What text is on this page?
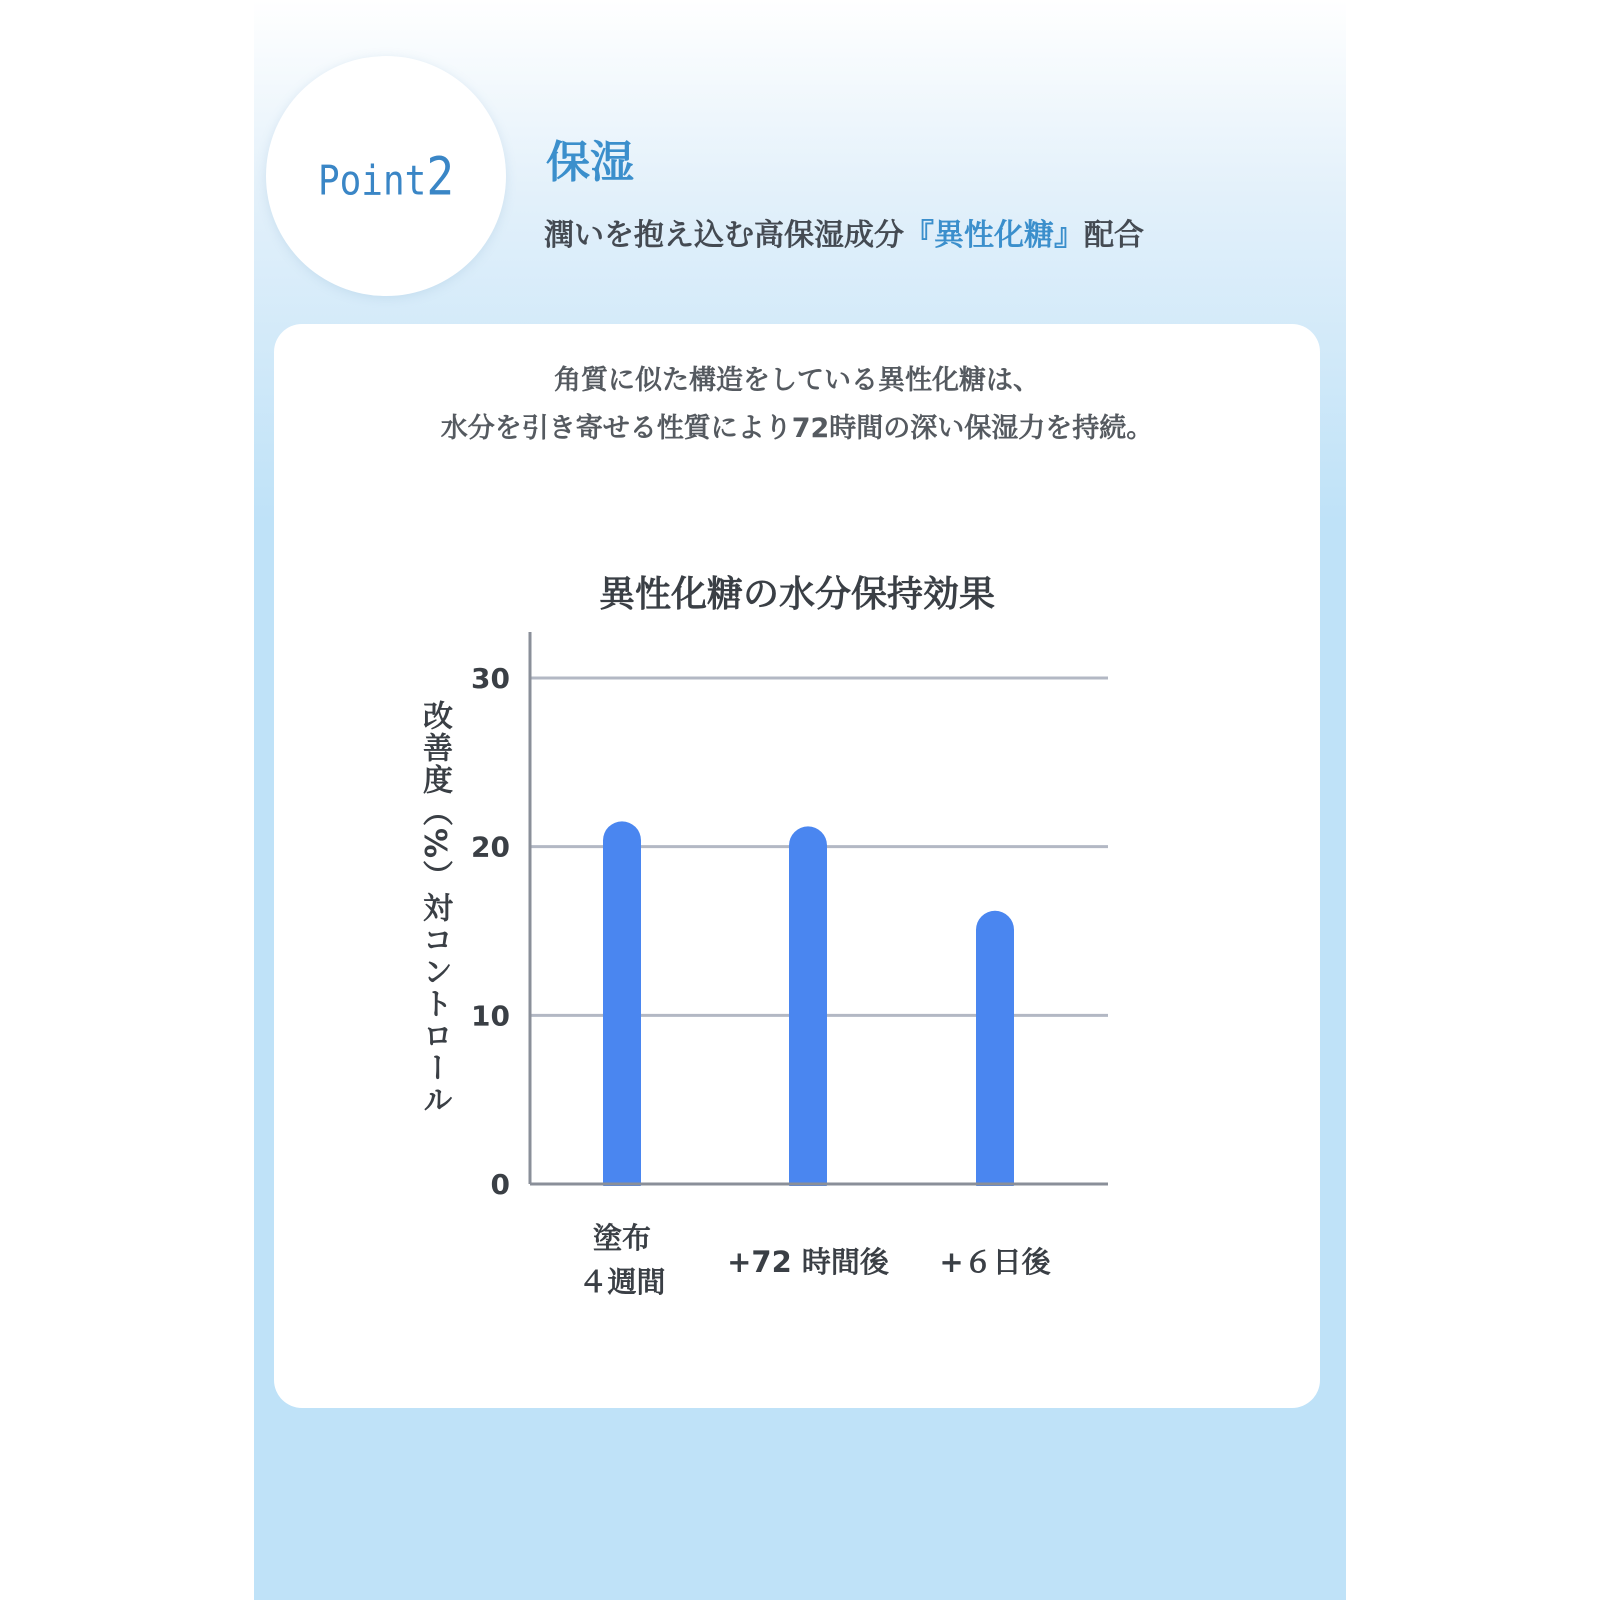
Point2 保湿
潤いを抱え込む高保湿成分『異性化糖』配合
角質に似た構造をしている異性化糖は、
水分を引き寄せる性質により72時間の深い保湿力を持続。
異性化糖の水分保持効果
改善度（%）対コントロール
0
10
20
30
塗布
４週間
+72 時間後 +６日後
